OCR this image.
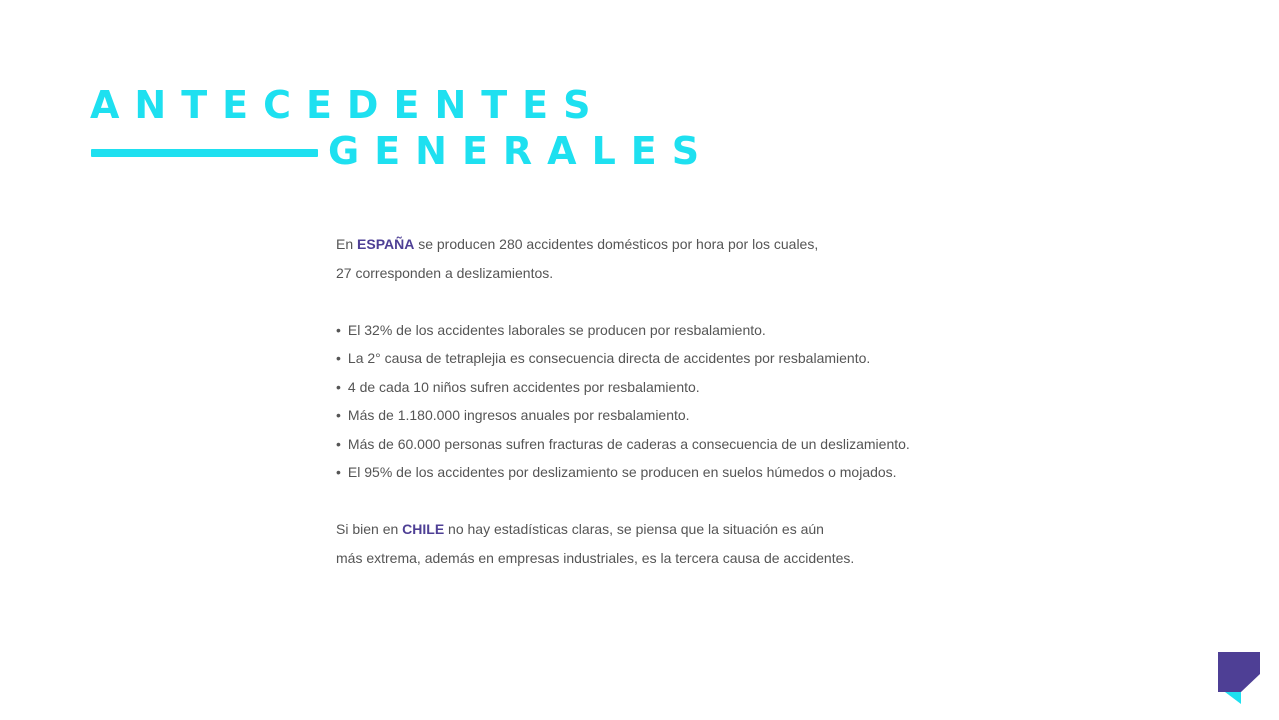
ANTECEDENTES
GENERALES

En ESPAÑA se producen 280 accidentes domésticos por hora por los cuales,

27 corresponden a deslizamientos.

• El 32% de los accidentes laborales se producen por resbalamiento.

• La 2° causa de tetraplejia es consecuencia directa de accidentes por resbalamiento.

• 4 de cada 10 niños sufren accidentes por resbalamiento.

• Más de 1.180.000 ingresos anuales por resbalamiento.

• Más de 60.000 personas sufren fracturas de caderas a consecuencia de un deslizamiento.

• El 95% de los accidentes por deslizamiento se producen en suelos húmedos o mojados.

Si bien en CHILE no hay estadísticas claras, se piensa que la situación es aún

más extrema, además en empresas industriales, es la tercera causa de accidentes.
